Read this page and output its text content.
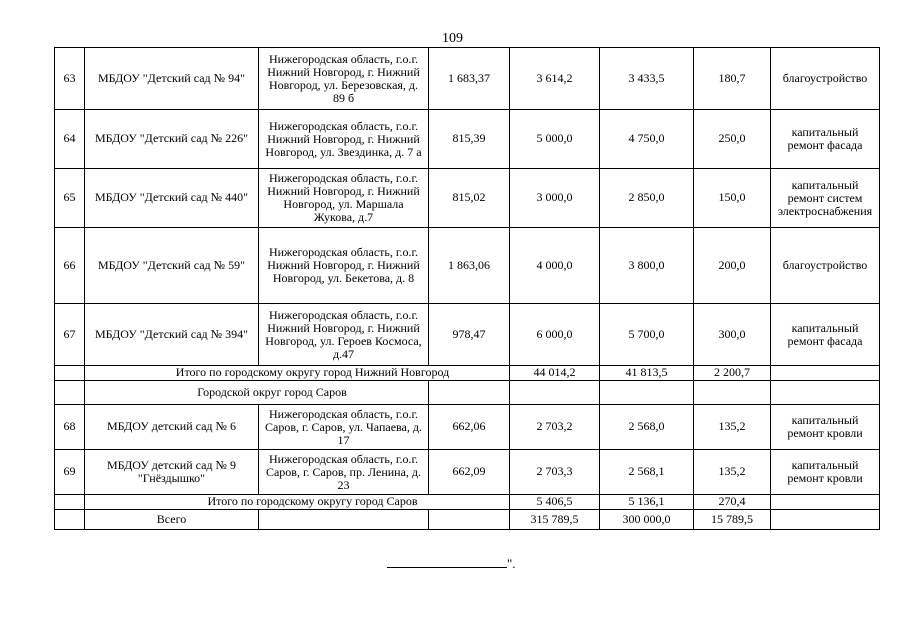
109
63	МБДОУ "Детский сад № 94"	Нижегородская область, г.о.г. Нижний Новгород, г. Нижний Новгород, ул. Березовская, д. 89 б	1 683,37	3 614,2	3 433,5	180,7	благоустройство
64	МБДОУ "Детский сад № 226"	Нижегородская область, г.о.г. Нижний Новгород, г. Нижний Новгород, ул. Звездинка, д. 7 а	815,39	5 000,0	4 750,0	250,0	капитальный ремонт фасада
65	МБДОУ "Детский сад № 440"	Нижегородская область, г.о.г. Нижний Новгород, г. Нижний Новгород, ул. Маршала Жукова, д.7	815,02	3 000,0	2 850,0	150,0	капитальный ремонт систем электроснабжения
66	МБДОУ "Детский сад № 59"	Нижегородская область, г.о.г. Нижний Новгород, г. Нижний Новгород, ул. Бекетова, д. 8	1 863,06	4 000,0	3 800,0	200,0	благоустройство
67	МБДОУ "Детский сад № 394"	Нижегородская область, г.о.г. Нижний Новгород, г. Нижний Новгород, ул. Героев Космоса, д.47	978,47	6 000,0	5 700,0	300,0	капитальный ремонт фасада
	Итого по городскому округу город Нижний Новгород			44 014,2	41 813,5	2 200,7	
	Городской округ город Саров						
68	МБДОУ детский сад № 6	Нижегородская область, г.о.г. Саров, г. Саров, ул. Чапаева, д. 17	662,06	2 703,2	2 568,0	135,2	капитальный ремонт кровли
69	МБДОУ детский сад № 9 "Гнёздышко"	Нижегородская область, г.о.г. Саров, г. Саров, пр. Ленина, д. 23	662,09	2 703,3	2 568,1	135,2	капитальный ремонт кровли
	Итого по городскому округу город Саров			5 406,5	5 136,1	270,4	
	Всего			315 789,5	300 000,0	15 789,5	
".
